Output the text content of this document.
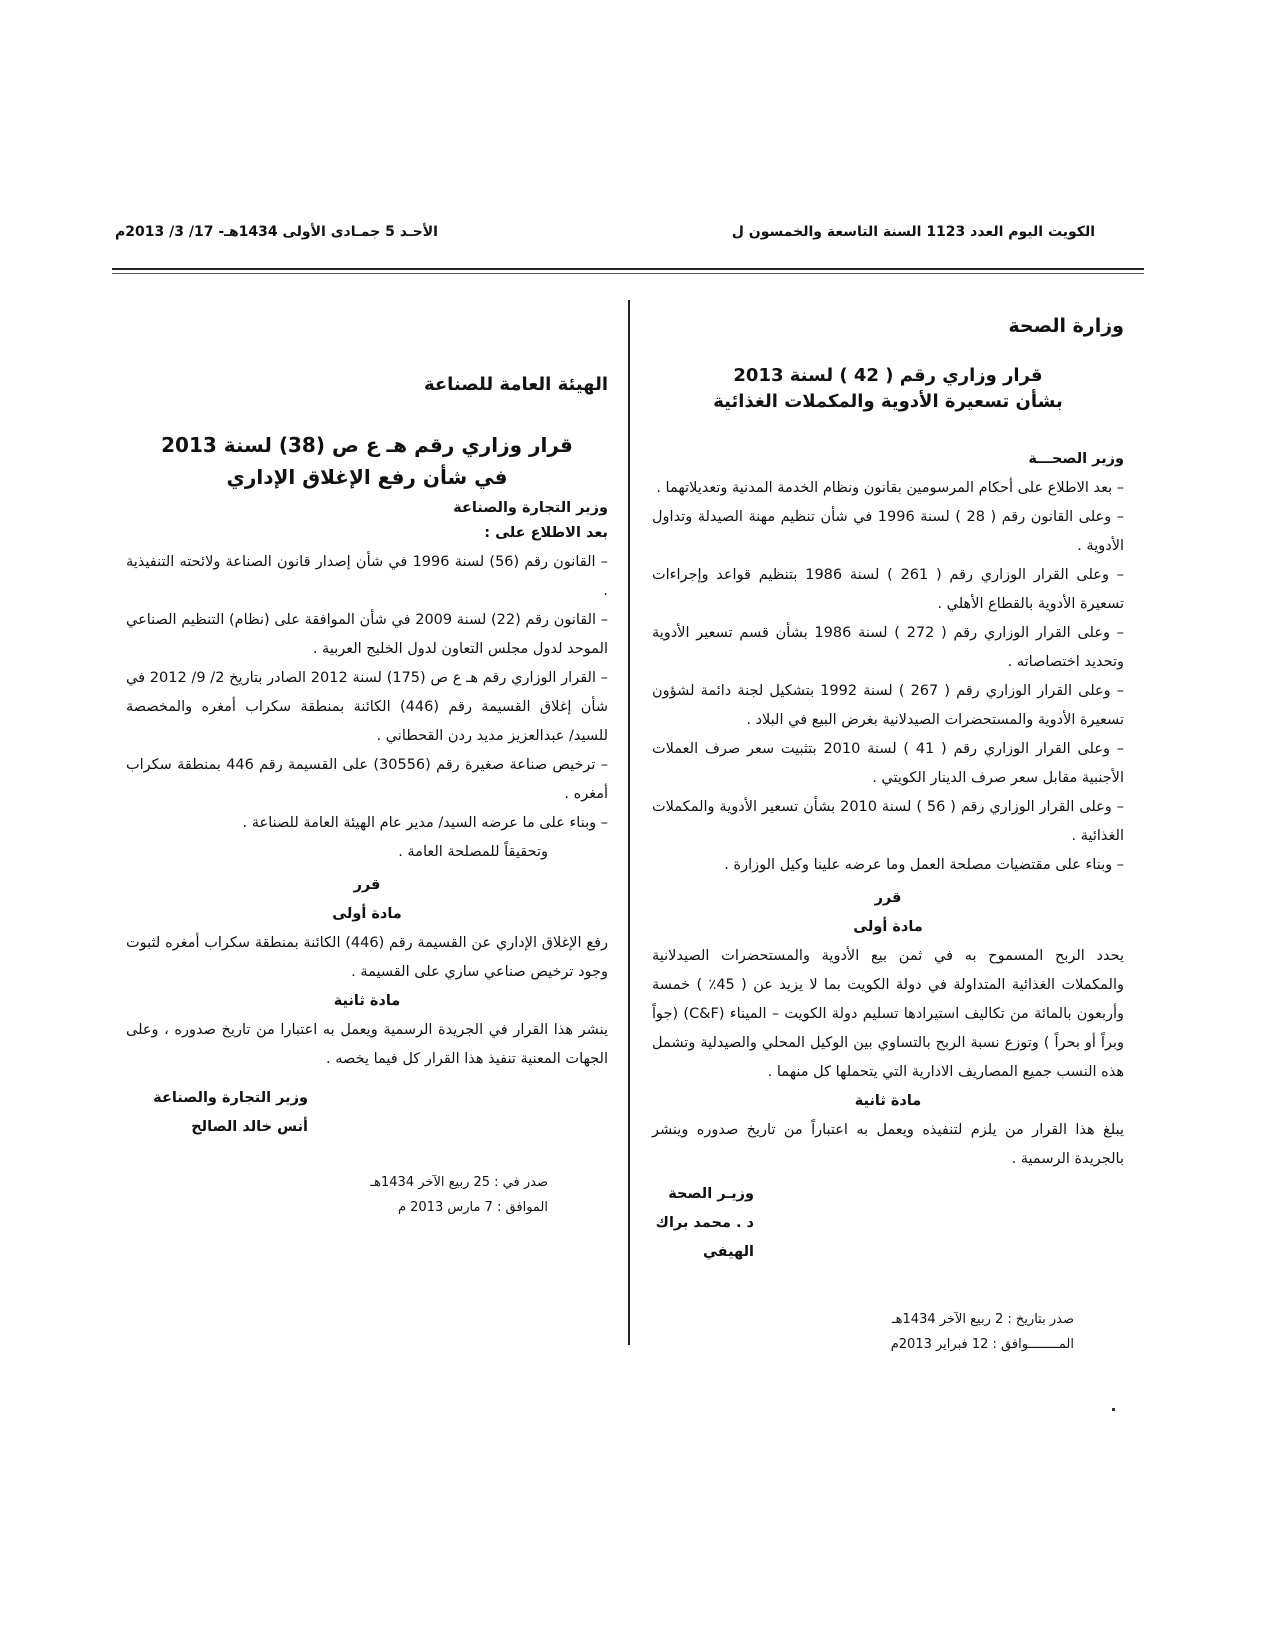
الكويت اليوم العدد 1123 السنة التاسعة والخمسون ل
الأحـد 5 جمـادى الأولى 1434هـ- 17/ 3/ 2013م
وزارة الصحة
قرار وزاري رقم ( 42 ) لسنة 2013
بشأن تسعيرة الأدوية والمكملات الغذائية
وزير الصحـــة

– بعد الاطلاع على أحكام المرسومين بقانون ونظام الخدمة المدنية وتعديلاتهما .

– وعلى القانون رقم ( 28 ) لسنة 1996 في شأن تنظيم مهنة الصيدلة وتداول الأدوية .

– وعلى القرار الوزاري رقم ( 261 ) لسنة 1986 بتنظيم قواعد وإجراءات تسعيرة الأدوية بالقطاع الأهلي .

– وعلى القرار الوزاري رقم ( 272 ) لسنة 1986 بشأن قسم تسعير الأدوية وتحديد اختصاصاته .

– وعلى القرار الوزاري رقم ( 267 ) لسنة 1992 بتشكيل لجنة دائمة لشؤون تسعيرة الأدوية والمستحضرات الصيدلانية بغرض البيع في البلاد .

– وعلى القرار الوزاري رقم ( 41 ) لسنة 2010 بتثبيت سعر صرف العملات الأجنبية مقابل سعر صرف الدينار الكويتي .

– وعلى القرار الوزاري رقم ( 56 ) لسنة 2010 بشأن تسعير الأدوية والمكملات الغذائية .

– وبناء على مقتضيات مصلحة العمل وما عرضه علينا وكيل الوزارة .

قرر
مادة أولى

يحدد الربح المسموح به في ثمن بيع الأدوية والمستحضرات الصيدلانية والمكملات الغذائية المتداولة في دولة الكويت بما لا يزيد عن ( 45٪ ) خمسة وأربعون بالمائة من تكاليف استيرادها تسليم دولة الكويت – الميناء (C&F) (جواً وبراً أو بحراً ) وتوزع نسبة الربح بالتساوي بين الوكيل المحلي والصيدلية وتشمل هذه النسب جميع المصاريف الادارية التي يتحملها كل منهما .

مادة ثانية

يبلغ هذا القرار من يلزم لتنفيذه ويعمل به اعتباراً من تاريخ صدوره وينشر بالجريدة الرسمية .

وزيـر الصحة
د . محمد براك الهيفي
صدر بتاريخ : 2 ربيع الآخر 1434هـ
المــــــــوافق : 12 فبراير 2013م
الهيئة العامة للصناعة
قرار وزاري رقم هـ ع ص (38) لسنة 2013
في شأن رفع الإغلاق الإداري
وزير التجارة والصناعة
بعد الاطلاع على :

– القانون رقم (56) لسنة 1996 في شأن إصدار قانون الصناعة ولائحته التنفيذية .

– القانون رقم (22) لسنة 2009 في شأن الموافقة على (نظام) التنظيم الصناعي الموحد لدول مجلس التعاون لدول الخليج العربية .

– القرار الوزاري رقم هـ ع ص (175) لسنة 2012 الصادر بتاريخ 2/ 9/ 2012 في شأن إغلاق القسيمة رقم (446) الكائنة بمنطقة سكراب أمغره والمخصصة للسيد/ عبدالعزيز مديد ردن القحطاني .

– ترخيص صناعة صغيرة رقم (30556) على القسيمة رقم 446 بمنطقة سكراب أمغره .

– وبناء على ما عرضه السيد/ مدير عام الهيئة العامة للصناعة .

وتحقيقاً للمصلحة العامة .

قرر
مادة أولى

رفع الإغلاق الإداري عن القسيمة رقم (446) الكائنة بمنطقة سكراب أمغره لثبوت وجود ترخيص صناعي ساري على القسيمة .

مادة ثانية

ينشر هذا القرار في الجريدة الرسمية ويعمل به اعتبارا من تاريخ صدوره ، وعلى الجهات المعنية تنفيذ هذا القرار كل فيما يخصه .

وزير التجارة والصناعة
أنس خالد الصالح
صدر في : 25 ربيع الآخر 1434هـ
الموافق : 7 مارس 2013 م
